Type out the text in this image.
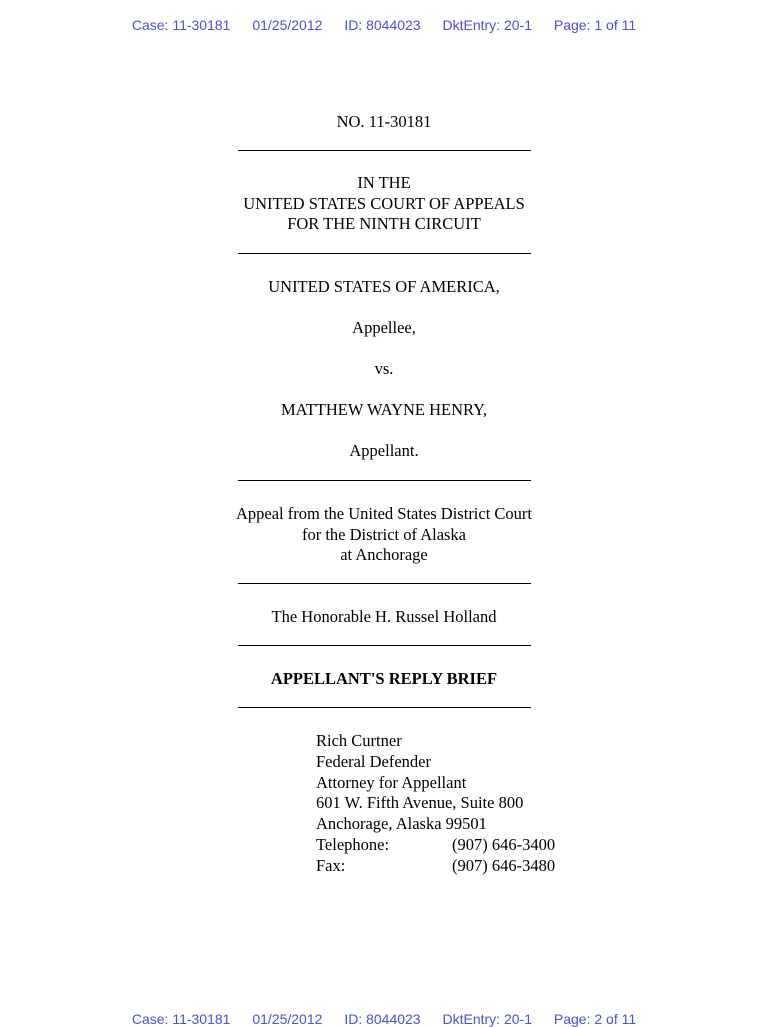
Case: 11-30181 01/25/2012 ID: 8044023 DktEntry: 20-1 Page: 1 of 11
NO. 11-30181
IN THE
UNITED STATES COURT OF APPEALS
FOR THE NINTH CIRCUIT
UNITED STATES OF AMERICA,
Appellee,
vs.
MATTHEW WAYNE HENRY,
Appellant.
Appeal from the United States District Court
for the District of Alaska
at Anchorage
The Honorable H. Russel Holland
APPELLANT'S REPLY BRIEF
Rich Curtner
Federal Defender
Attorney for Appellant
601 W. Fifth Avenue, Suite 800
Anchorage, Alaska 99501
Telephone:	(907) 646-3400
Fax:	(907) 646-3480
Case: 11-30181 01/25/2012 ID: 8044023 DktEntry: 20-1 Page: 2 of 11
